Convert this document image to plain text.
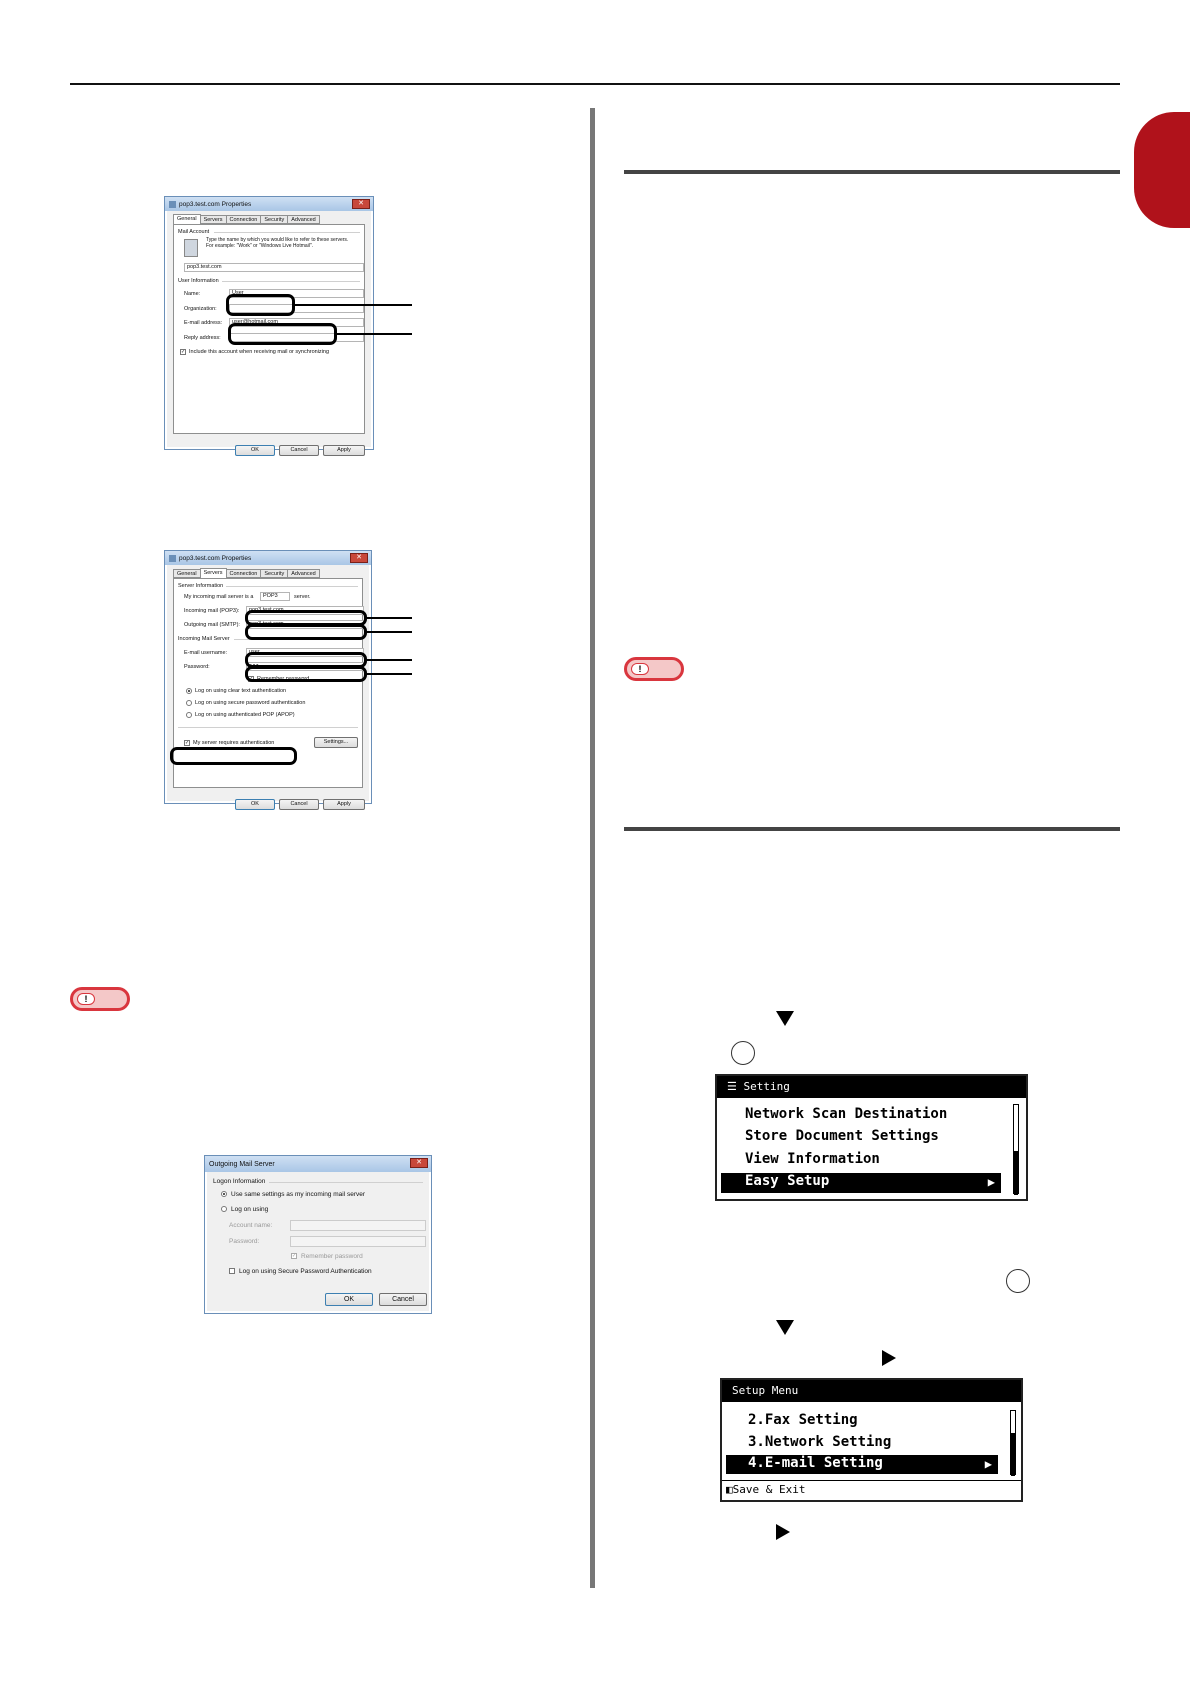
pop3.test.com Properties	✕
General	Servers	Connection	Security	Advanced
Mail Account
Type the name by which you would like to refer to these servers. For example: "Work" or "Windows Live Hotmail".
pop3.test.com
User Information
Name:	User
Organization:
E-mail address:	user@hotmail.com
Reply address:
✓ Include this account when receiving mail or synchronizing
OK	Cancel	Apply
pop3.test.com Properties	✕
General	Servers	Connection	Security	Advanced
Server Information
My incoming mail server is a	POP3	server.
Incoming mail (POP3):	pop3.test.com
Outgoing mail (SMTP):	pop3.test.com
Incoming Mail Server
E-mail username:	user
Password:	●●●
✓ Remember password
Log on using clear text authentication
Log on using secure password authentication
Log on using authenticated POP (APOP)
✓ My server requires authentication	Settings...
OK	Cancel	Apply
!
!
Outgoing Mail Server	✕
Logon Information
Use same settings as my incoming mail server
Log on using
Account name:
Password:
✓ Remember password
Log on using Secure Password Authentication
OK	Cancel
☰ Setting
Network Scan Destination
Store Document Settings
View Information
Easy Setup	▶
Setup Menu
2.Fax Setting
3.Network Setting
4.E-mail Setting	▶
◧Save & Exit
